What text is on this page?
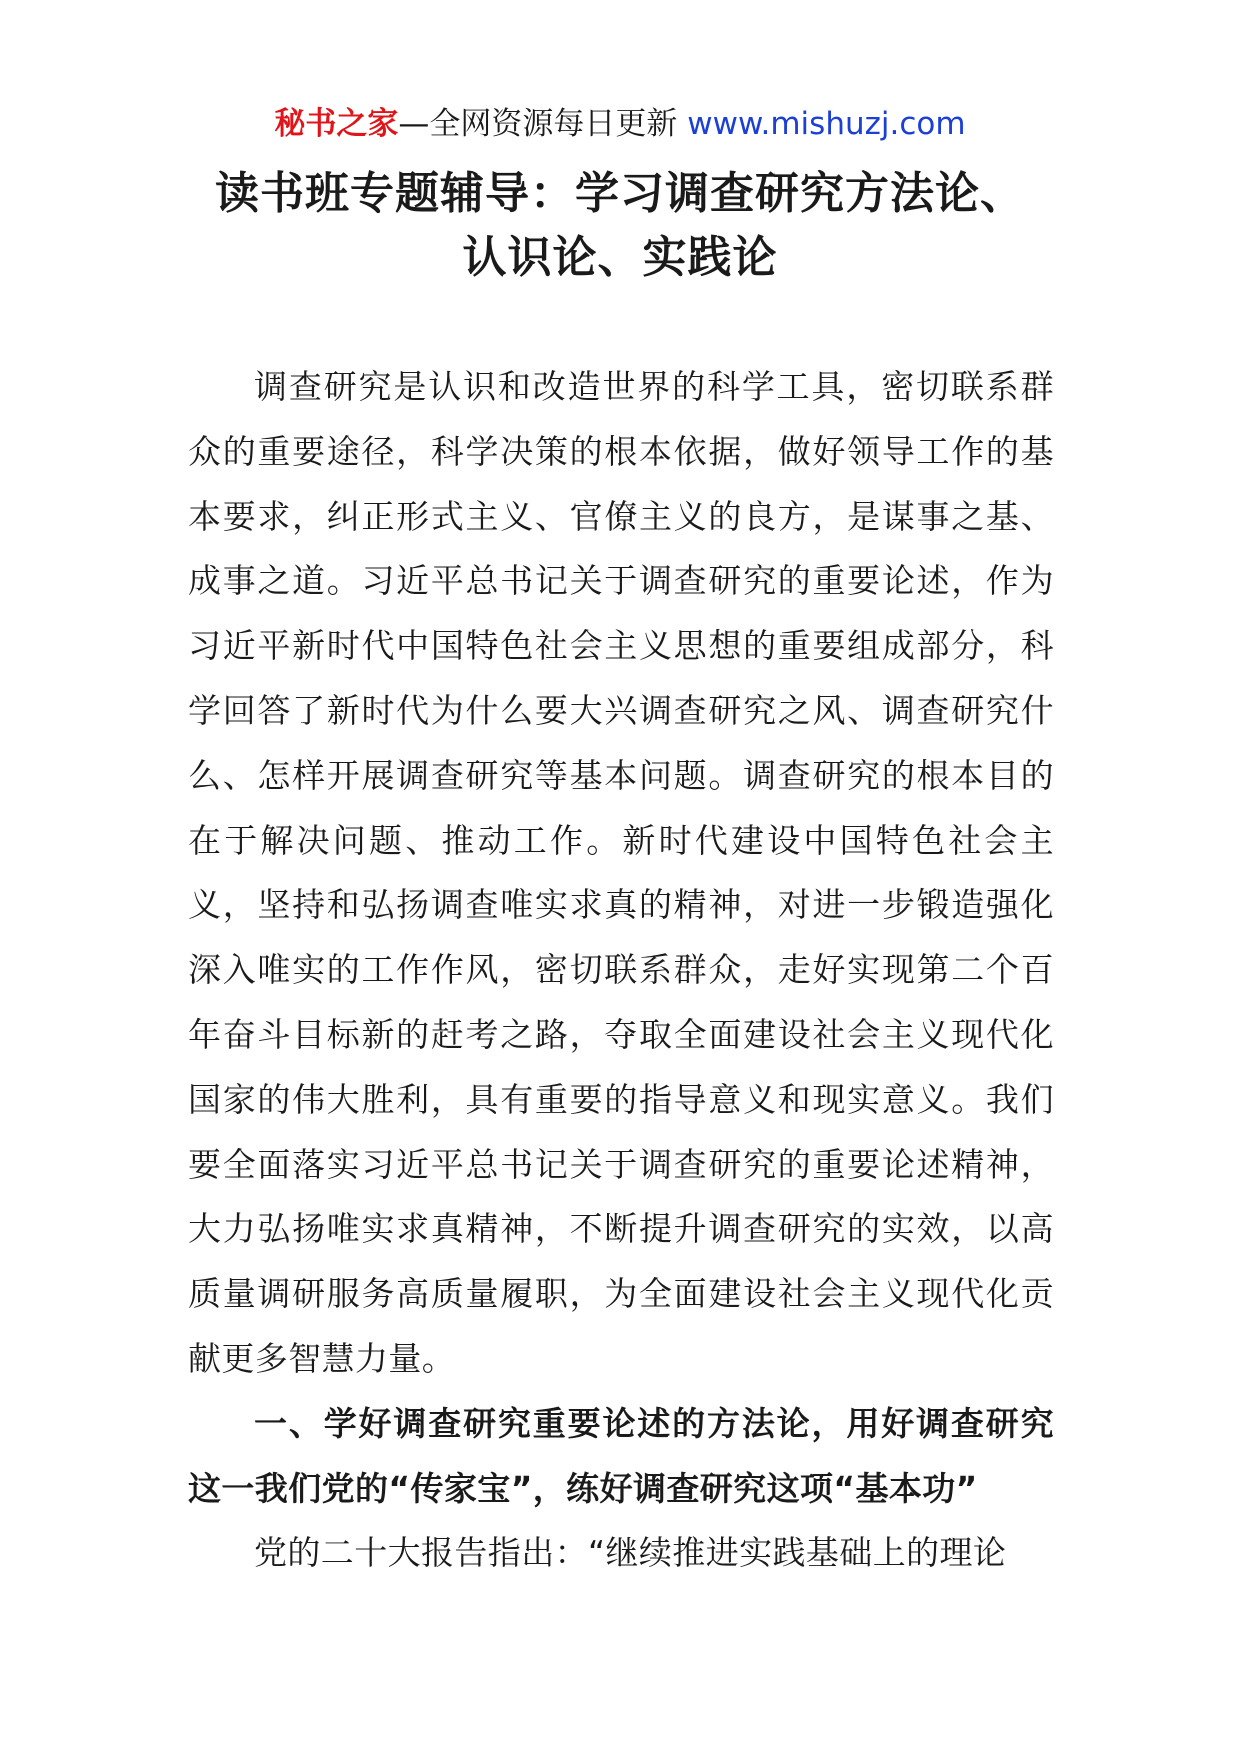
秘书之家—全网资源每日更新 www.mishuzj.com
读书班专题辅导：学习调查研究方法论、
认识论、实践论

调查研究是认识和改造世界的科学工具，密切联系群众的重要途径，科学决策的根本依据，做好领导工作的基本要求，纠正形式主义、官僚主义的良方，是谋事之基、成事之道。习近平总书记关于调查研究的重要论述，作为习近平新时代中国特色社会主义思想的重要组成部分，科学回答了新时代为什么要大兴调查研究之风、调查研究什么、怎样开展调查研究等基本问题。调查研究的根本目的在于解决问题、推动工作。新时代建设中国特色社会主义，坚持和弘扬调查唯实求真的精神，对进一步锻造强化深入唯实的工作作风，密切联系群众，走好实现第二个百年奋斗目标新的赶考之路，夺取全面建设社会主义现代化国家的伟大胜利，具有重要的指导意义和现实意义。我们要全面落实习近平总书记关于调查研究的重要论述精神，大力弘扬唯实求真精神，不断提升调查研究的实效，以高质量调研服务高质量履职，为全面建设社会主义现代化贡献更多智慧力量。

一、学好调查研究重要论述的方法论，用好调查研究这一我们党的“传家宝”，练好调查研究这项“基本功”

党的二十大报告指出：“继续推进实践基础上的理论
